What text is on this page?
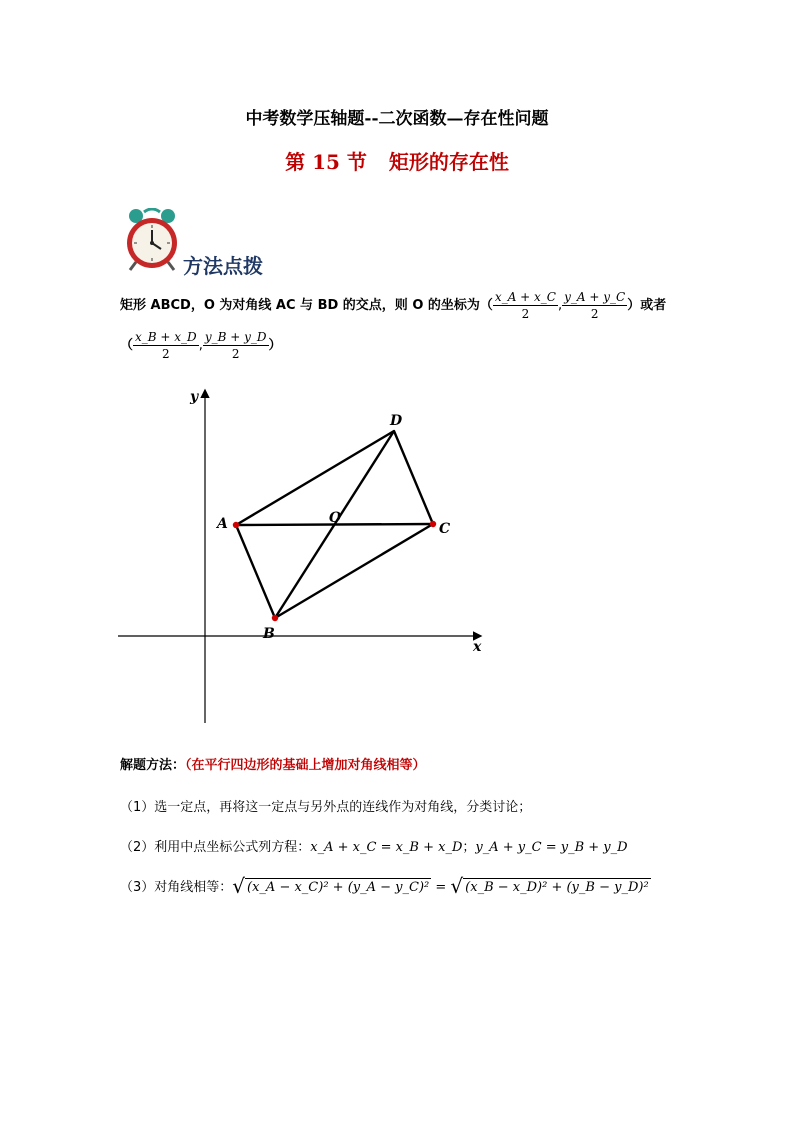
中考数学压轴题--二次函数—存在性问题
第 15 节 矩形的存在性
方法点拨
矩形 ABCD，O 为对角线 AC 与 BD 的交点，则 O 的坐标为（ $\frac{x\_A + x\_C}{2}$ , $\frac{y\_A + y\_C}{2}$ ）或者
（ $\frac{x\_B + x\_D}{2}$ , $\frac{y\_B + y\_D}{2}$ ）
x
y
A
B
C
D
O
解题方法：（在平行四边形的基础上增加对角线相等）
（1）选一定点，再将这一定点与另外点的连线作为对角线，分类讨论；
（2）利用中点坐标公式列方程：x_A + x_C = x_B + x_D；y_A + y_C = y_B + y_D
（3）对角线相等：√ (x_A − x_C)² + (y_A − y_C)² = √ (x_B − x_D)² + (y_B − y_D)²
